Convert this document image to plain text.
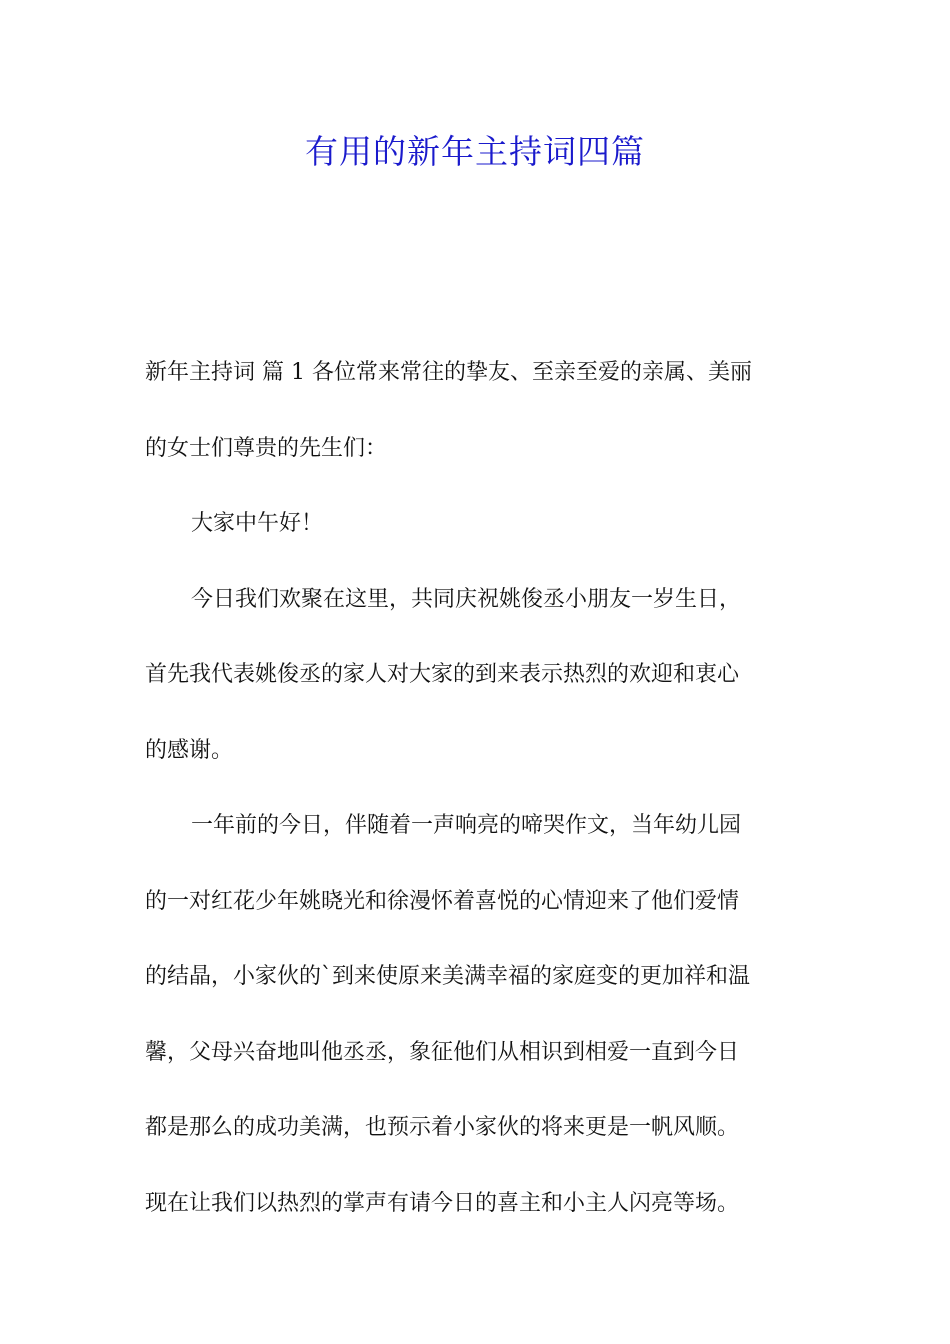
有用的新年主持词四篇
新年主持词 篇 1 各位常来常往的挚友、至亲至爱的亲属、美丽
的女士们尊贵的先生们：
大家中午好！
今日我们欢聚在这里，共同庆祝姚俊丞小朋友一岁生日，
首先我代表姚俊丞的家人对大家的到来表示热烈的欢迎和衷心
的感谢。
一年前的今日，伴随着一声响亮的啼哭作文，当年幼儿园
的一对红花少年姚晓光和徐漫怀着喜悦的心情迎来了他们爱情
的结晶，小家伙的`到来使原来美满幸福的家庭变的更加祥和温
馨，父母兴奋地叫他丞丞，象征他们从相识到相爱一直到今日
都是那么的成功美满，也预示着小家伙的将来更是一帆风顺。
现在让我们以热烈的掌声有请今日的喜主和小主人闪亮等场。
